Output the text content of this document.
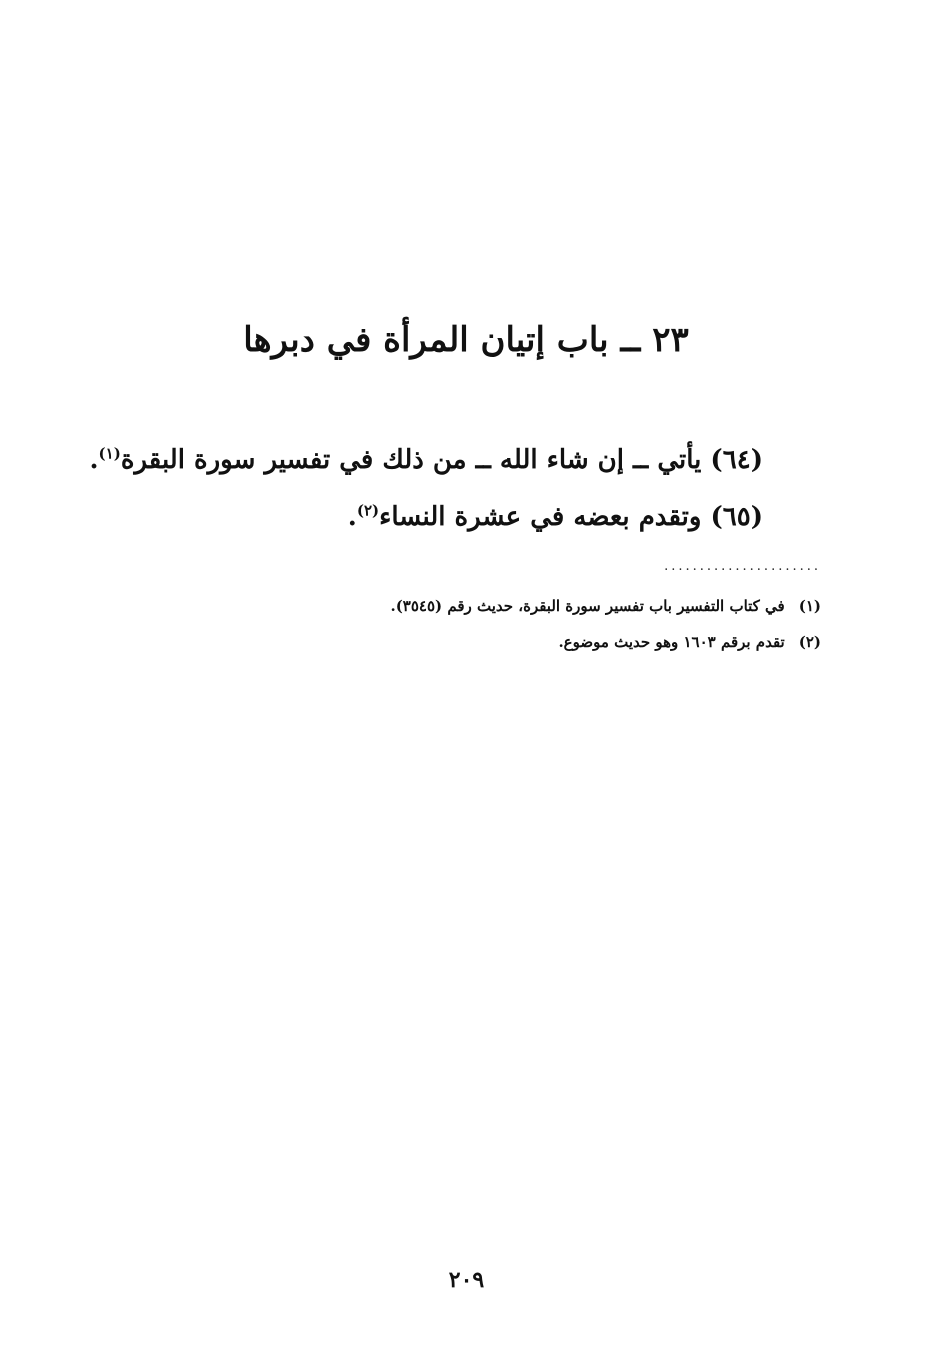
٢٣ ــ باب إتيان المرأة في دبرها

(٦٤) يأتي ــ إن شاء الله ــ من ذلك في تفسير سورة البقرة$^{(١)}$.

(٦٥) وتقدم بعضه في عشرة النساء$^{(٢)}$.

......................

(١)في كتاب التفسير باب تفسير سورة البقرة، حديث رقم (٣٥٤٥).

(٢)تقدم برقم ١٦٠٣ وهو حديث موضوع.

٢٠٩
